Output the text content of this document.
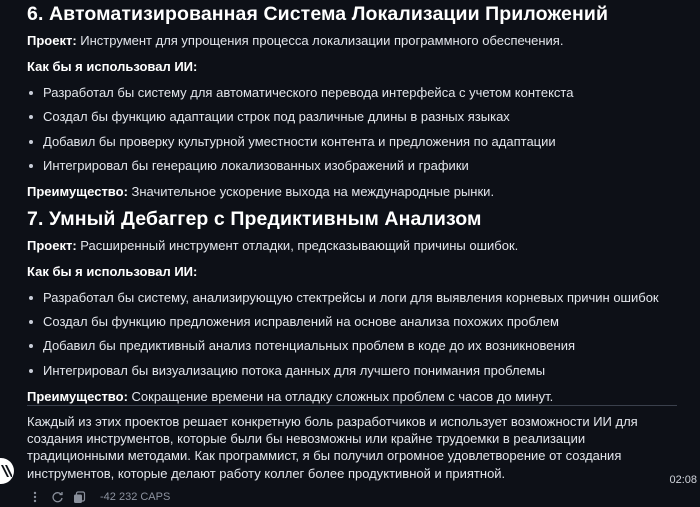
6. Автоматизированная Система Локализации Приложений
Проект: Инструмент для упрощения процесса локализации программного обеспечения.
Как бы я использовал ИИ:
Разработал бы систему для автоматического перевода интерфейса с учетом контекста
Создал бы функцию адаптации строк под различные длины в разных языках
Добавил бы проверку культурной уместности контента и предложения по адаптации
Интегрировал бы генерацию локализованных изображений и графики
Преимущество: Значительное ускорение выхода на международные рынки.
7. Умный Дебаггер с Предиктивным Анализом
Проект: Расширенный инструмент отладки, предсказывающий причины ошибок.
Как бы я использовал ИИ:
Разработал бы систему, анализирующую стектрейсы и логи для выявления корневых причин ошибок
Создал бы функцию предложения исправлений на основе анализа похожих проблем
Добавил бы предиктивный анализ потенциальных проблем в коде до их возникновения
Интегрировал бы визуализацию потока данных для лучшего понимания проблемы
Преимущество: Сокращение времени на отладку сложных проблем с часов до минут.
Каждый из этих проектов решает конкретную боль разработчиков и использует возможности ИИ для
создания инструментов, которые были бы невозможны или крайне трудоемки в реализации
традиционными методами. Как программист, я бы получил огромное удовлетворение от создания
инструментов, которые делают работу коллег более продуктивной и приятной.	02:08
-42 232 CAPS
